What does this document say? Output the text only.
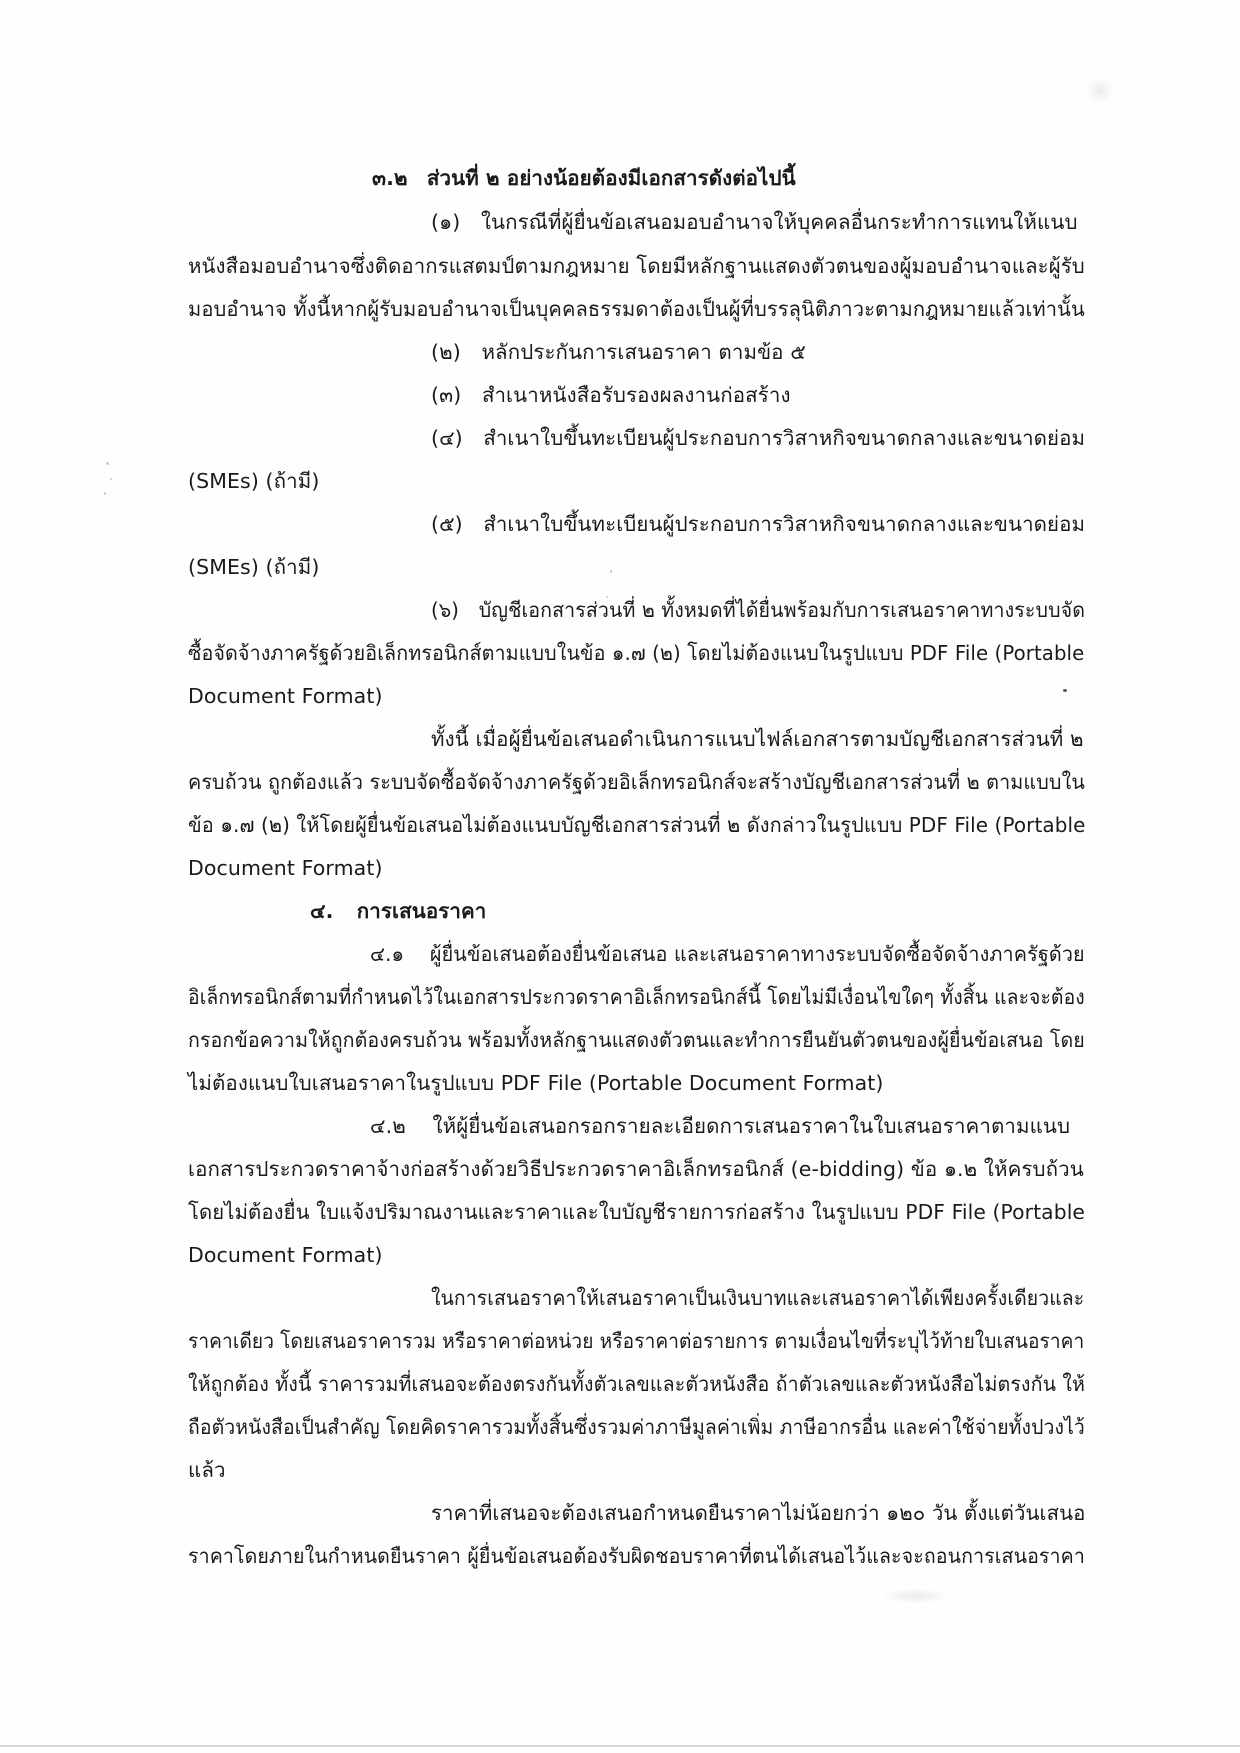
๓.๒ ส่วนที่ ๒ อย่างน้อยต้องมีเอกสารดังต่อไปนี้
(๑) ในกรณีที่ผู้ยื่นข้อเสนอมอบอำนาจให้บุคคลอื่นกระทำการแทนให้แนบ
หนังสือมอบอำนาจซึ่งติดอากรแสตมป์ตามกฎหมาย โดยมีหลักฐานแสดงตัวตนของผู้มอบอำนาจและผู้รับ
มอบอำนาจ ทั้งนี้หากผู้รับมอบอำนาจเป็นบุคคลธรรมดาต้องเป็นผู้ที่บรรลุนิติภาวะตามกฎหมายแล้วเท่านั้น
(๒) หลักประกันการเสนอราคา ตามข้อ ๕
(๓) สำเนาหนังสือรับรองผลงานก่อสร้าง
(๔) สำเนาใบขึ้นทะเบียนผู้ประกอบการวิสาหกิจขนาดกลางและขนาดย่อม
(SMEs) (ถ้ามี)
(๕) สำเนาใบขึ้นทะเบียนผู้ประกอบการวิสาหกิจขนาดกลางและขนาดย่อม
(SMEs) (ถ้ามี)
(๖) บัญชีเอกสารส่วนที่ ๒ ทั้งหมดที่ได้ยื่นพร้อมกับการเสนอราคาทางระบบจัด
ซื้อจัดจ้างภาครัฐด้วยอิเล็กทรอนิกส์ตามแบบในข้อ ๑.๗ (๒) โดยไม่ต้องแนบในรูปแบบ PDF File (Portable
Document Format)
ทั้งนี้ เมื่อผู้ยื่นข้อเสนอดำเนินการแนบไฟล์เอกสารตามบัญชีเอกสารส่วนที่ ๒
ครบถ้วน ถูกต้องแล้ว ระบบจัดซื้อจัดจ้างภาครัฐด้วยอิเล็กทรอนิกส์จะสร้างบัญชีเอกสารส่วนที่ ๒ ตามแบบใน
ข้อ ๑.๗ (๒) ให้โดยผู้ยื่นข้อเสนอไม่ต้องแนบบัญชีเอกสารส่วนที่ ๒ ดังกล่าวในรูปแบบ PDF File (Portable
Document Format)
๔. การเสนอราคา
๔.๑ ผู้ยื่นข้อเสนอต้องยื่นข้อเสนอ และเสนอราคาทางระบบจัดซื้อจัดจ้างภาครัฐด้วย
อิเล็กทรอนิกส์ตามที่กำหนดไว้ในเอกสารประกวดราคาอิเล็กทรอนิกส์นี้ โดยไม่มีเงื่อนไขใดๆ ทั้งสิ้น และจะต้อง
กรอกข้อความให้ถูกต้องครบถ้วน พร้อมทั้งหลักฐานแสดงตัวตนและทำการยืนยันตัวตนของผู้ยื่นข้อเสนอ โดย
ไม่ต้องแนบใบเสนอราคาในรูปแบบ PDF File (Portable Document Format)
๔.๒ ให้ผู้ยื่นข้อเสนอกรอกรายละเอียดการเสนอราคาในใบเสนอราคาตามแนบ
เอกสารประกวดราคาจ้างก่อสร้างด้วยวิธีประกวดราคาอิเล็กทรอนิกส์ (e-bidding) ข้อ ๑.๒ ให้ครบถ้วน
โดยไม่ต้องยื่น ใบแจ้งปริมาณงานและราคาและใบบัญชีรายการก่อสร้าง ในรูปแบบ PDF File (Portable
Document Format)
ในการเสนอราคาให้เสนอราคาเป็นเงินบาทและเสนอราคาได้เพียงครั้งเดียวและ
ราคาเดียว โดยเสนอราคารวม หรือราคาต่อหน่วย หรือราคาต่อรายการ ตามเงื่อนไขที่ระบุไว้ท้ายใบเสนอราคา
ให้ถูกต้อง ทั้งนี้ ราคารวมที่เสนอจะต้องตรงกันทั้งตัวเลขและตัวหนังสือ ถ้าตัวเลขและตัวหนังสือไม่ตรงกัน ให้
ถือตัวหนังสือเป็นสำคัญ โดยคิดราคารวมทั้งสิ้นซึ่งรวมค่าภาษีมูลค่าเพิ่ม ภาษีอากรอื่น และค่าใช้จ่ายทั้งปวงไว้
แล้ว
ราคาที่เสนอจะต้องเสนอกำหนดยืนราคาไม่น้อยกว่า ๑๒๐ วัน ตั้งแต่วันเสนอ
ราคาโดยภายในกำหนดยืนราคา ผู้ยื่นข้อเสนอต้องรับผิดชอบราคาที่ตนได้เสนอไว้และจะถอนการเสนอราคา
